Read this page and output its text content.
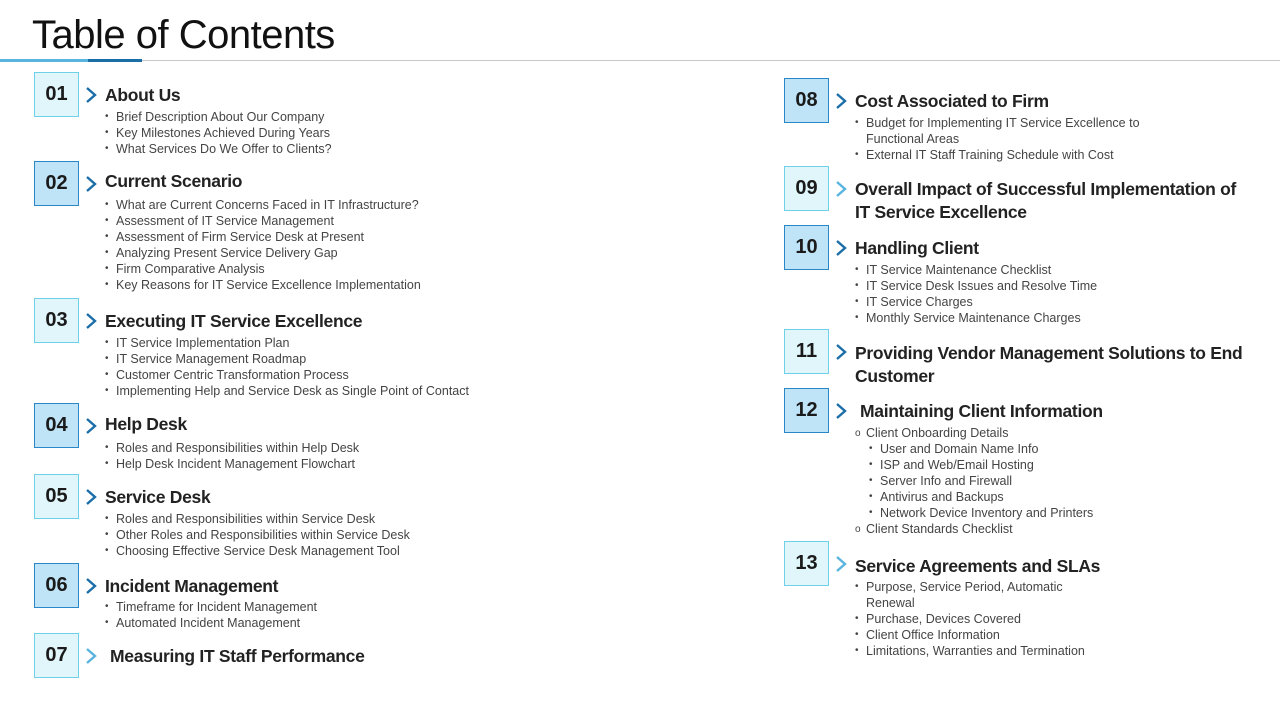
Table of Contents
01	About Us
• Brief Description About Our Company
• Key Milestones Achieved During Years
• What Services Do We Offer to Clients?
02	Current Scenario
• What are Current Concerns Faced in IT Infrastructure?
• Assessment of IT Service Management
• Assessment of Firm Service Desk at Present
• Analyzing Present Service Delivery Gap
• Firm Comparative Analysis
• Key Reasons for IT Service Excellence Implementation
03	Executing IT Service Excellence
• IT Service Implementation Plan
• IT Service Management Roadmap
• Customer Centric Transformation Process
• Implementing Help and Service Desk as Single Point of Contact
04	Help Desk
• Roles and Responsibilities within Help Desk
• Help Desk Incident Management Flowchart
05	Service Desk
• Roles and Responsibilities within Service Desk
• Other Roles and Responsibilities within Service Desk
• Choosing Effective Service Desk Management Tool
06	Incident Management
• Timeframe for Incident Management
• Automated Incident Management
07	Measuring IT Staff Performance
08	Cost Associated to Firm
• Budget for Implementing IT Service Excellence to Functional Areas
• External IT Staff Training Schedule with Cost
09	Overall Impact of Successful Implementation of IT Service Excellence
10	Handling Client
• IT Service Maintenance Checklist
• IT Service Desk Issues and Resolve Time
• IT Service Charges
• Monthly Service Maintenance Charges
11	Providing Vendor Management Solutions to End Customer
12	Maintaining Client Information
o Client Onboarding Details
• User and Domain Name Info
• ISP and Web/Email Hosting
• Server Info and Firewall
• Antivirus and Backups
• Network Device Inventory and Printers
o Client Standards Checklist
13	Service Agreements and SLAs
• Purpose, Service Period, Automatic Renewal
• Purchase, Devices Covered
• Client Office Information
• Limitations, Warranties and Termination
